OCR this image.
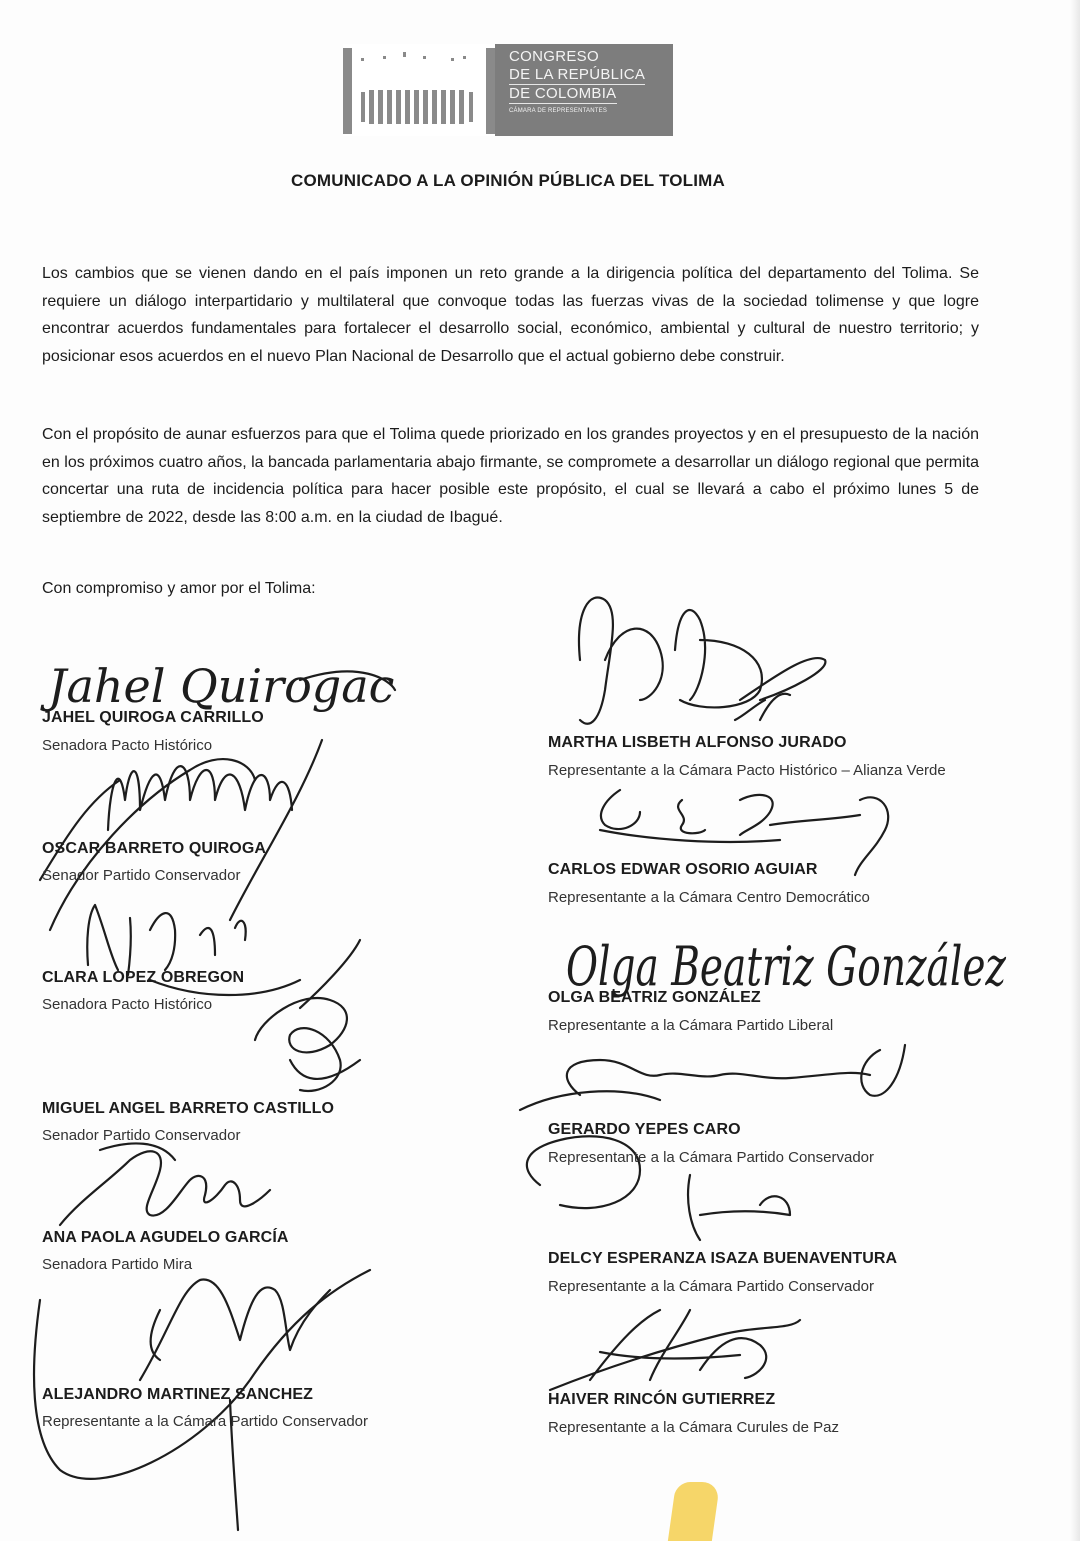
CONGRESO
DE LA REPÚBLICA
DE COLOMBIA
CÁMARA DE REPRESENTANTES
COMUNICADO A LA OPINIÓN PÚBLICA DEL TOLIMA

Los cambios que se vienen dando en el país imponen un reto grande a la dirigencia política del departamento del Tolima. Se requiere un diálogo interpartidario y multilateral que convoque todas las fuerzas vivas de la sociedad tolimense y que logre encontrar acuerdos fundamentales para fortalecer el desarrollo social, económico, ambiental y cultural de nuestro territorio; y posicionar esos acuerdos en el nuevo Plan Nacional de Desarrollo que el actual gobierno debe construir.

Con el propósito de aunar esfuerzos para que el Tolima quede priorizado en los grandes proyectos y en el presupuesto de la nación en los próximos cuatro años, la bancada parlamentaria abajo firmante, se compromete a desarrollar un diálogo regional que permita concertar una ruta de incidencia política para hacer posible este propósito, el cual se llevará a cabo el próximo lunes 5 de septiembre de 2022, desde las 8:00 a.m. en la ciudad de Ibagué.

Con compromiso y amor por el Tolima:
Jahel Quirogac
Olga Beatriz González
JAHEL QUIROGA CARRILLO
Senadora Pacto Histórico
OSCAR BARRETO QUIROGA
Senador Partido Conservador
CLARA LOPEZ OBREGON
Senadora Pacto Histórico
MIGUEL ANGEL BARRETO CASTILLO
Senador Partido Conservador
ANA PAOLA AGUDELO GARCÍA
Senadora Partido Mira
ALEJANDRO MARTINEZ SANCHEZ
Representante a la Cámara Partido Conservador
MARTHA LISBETH ALFONSO JURADO
Representante a la Cámara Pacto Histórico – Alianza Verde
CARLOS EDWAR OSORIO AGUIAR
Representante a la Cámara Centro Democrático
OLGA BEATRIZ GONZÁLEZ
Representante a la Cámara Partido Liberal
GERARDO YEPES CARO
Representante a la Cámara Partido Conservador
DELCY ESPERANZA ISAZA BUENAVENTURA
Representante a la Cámara Partido Conservador
HAIVER RINCÓN GUTIERREZ
Representante a la Cámara Curules de Paz
